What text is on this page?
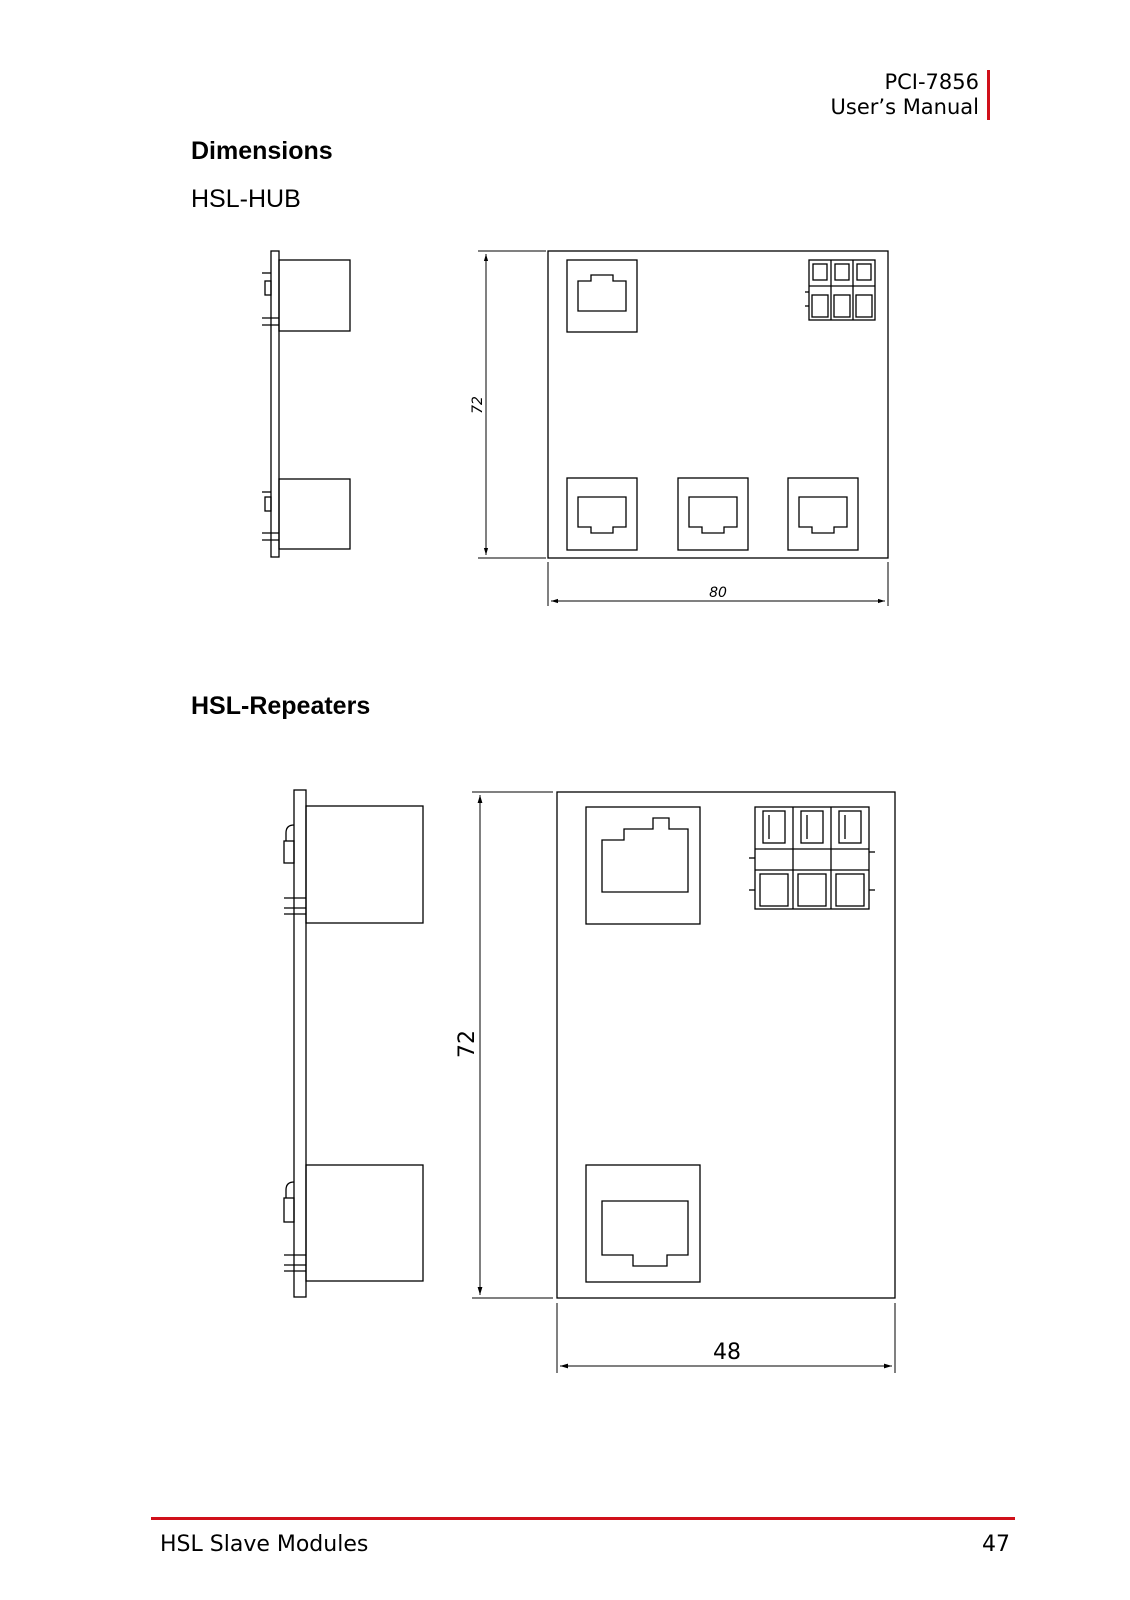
PCI-7856
User’s Manual
Dimensions
HSL-HUB
HSL-Repeaters
72
80
72
48
HSL Slave Modules	47
